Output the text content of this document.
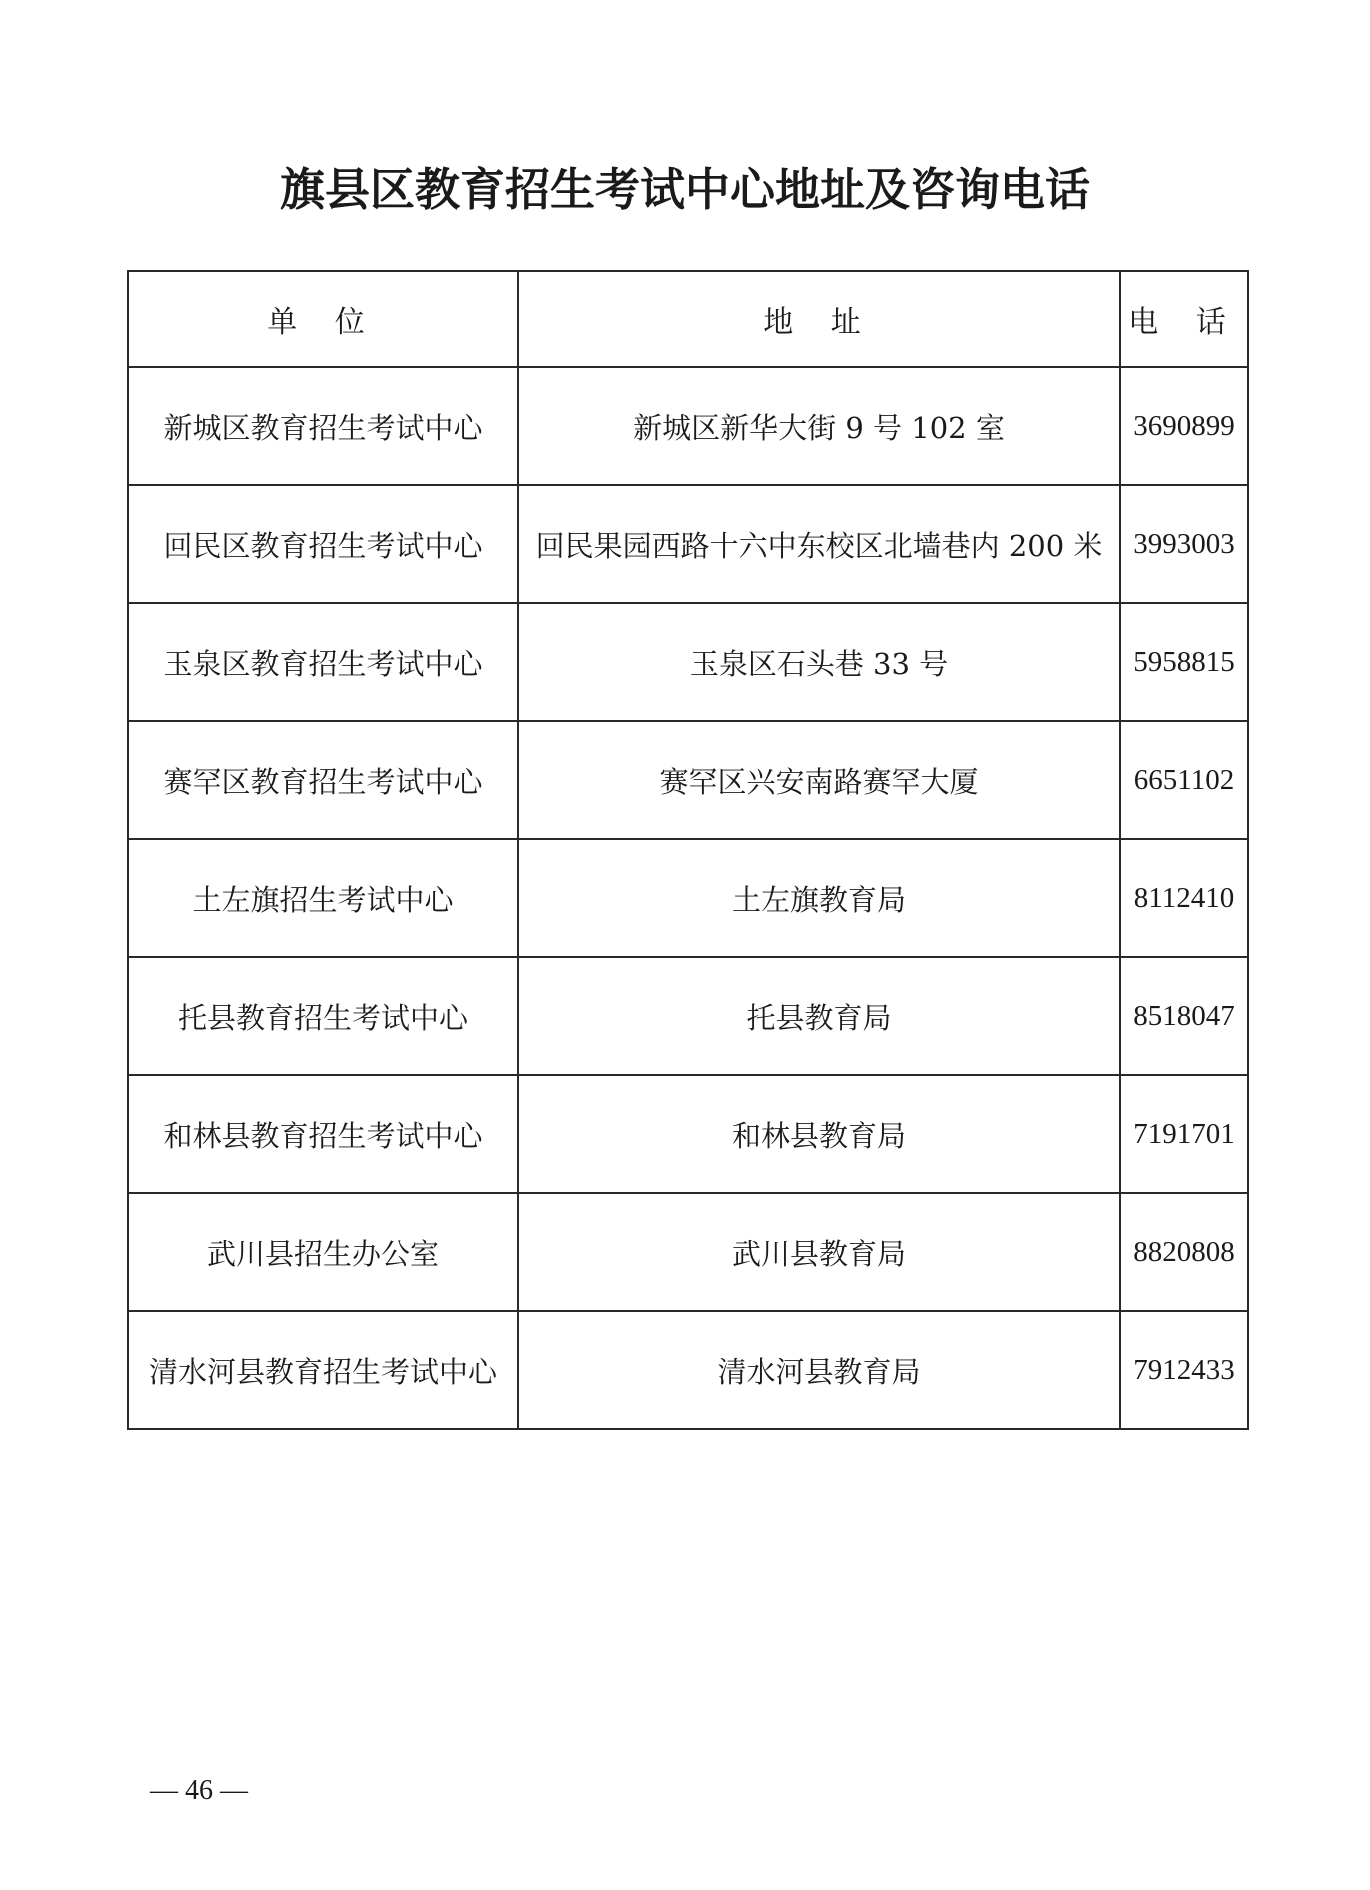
旗县区教育招生考试中心地址及咨询电话
单 位	地 址	电 话
新城区教育招生考试中心	新城区新华大街 9 号 102 室	3690899
回民区教育招生考试中心	回民果园西路十六中东校区北墙巷内 200 米	3993003
玉泉区教育招生考试中心	玉泉区石头巷 33 号	5958815
赛罕区教育招生考试中心	赛罕区兴安南路赛罕大厦	6651102
土左旗招生考试中心	土左旗教育局	8112410
托县教育招生考试中心	托县教育局	8518047
和林县教育招生考试中心	和林县教育局	7191701
武川县招生办公室	武川县教育局	8820808
清水河县教育招生考试中心	清水河县教育局	7912433
— 46 —
